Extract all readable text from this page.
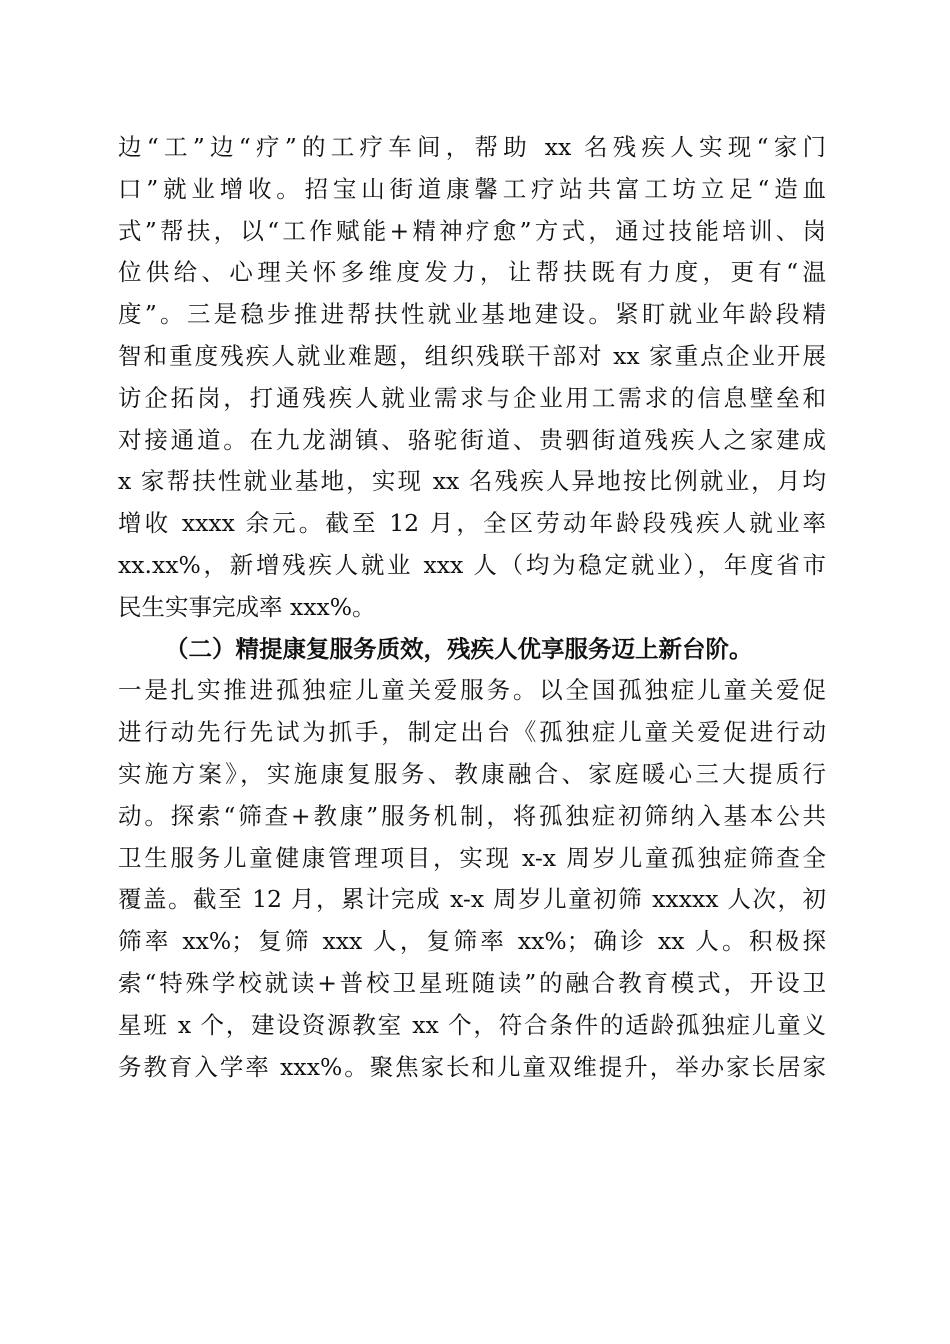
边“工”边“疗”的工疗车间，帮助 xx 名残疾人实现“家门
口”就业增收。招宝山街道康馨工疗站共富工坊立足“造血
式”帮扶，以“工作赋能+精神疗愈”方式，通过技能培训、岗
位供给、心理关怀多维度发力，让帮扶既有力度，更有“温
度”。三是稳步推进帮扶性就业基地建设。紧盯就业年龄段精
智和重度残疾人就业难题，组织残联干部对 xx 家重点企业开展
访企拓岗，打通残疾人就业需求与企业用工需求的信息壁垒和
对接通道。在九龙湖镇、骆驼街道、贵驷街道残疾人之家建成
x 家帮扶性就业基地，实现 xx 名残疾人异地按比例就业，月均
增收 xxxx 余元。截至 12 月，全区劳动年龄段残疾人就业率
xx.xx%，新增残疾人就业 xxx 人（均为稳定就业），年度省市
民生实事完成率 xxx%。
（二）精提康复服务质效，残疾人优享服务迈上新台阶。
一是扎实推进孤独症儿童关爱服务。以全国孤独症儿童关爱促
进行动先行先试为抓手，制定出台《孤独症儿童关爱促进行动
实施方案》，实施康复服务、教康融合、家庭暖心三大提质行
动。探索“筛查+教康”服务机制，将孤独症初筛纳入基本公共
卫生服务儿童健康管理项目，实现 x-x 周岁儿童孤独症筛查全
覆盖。截至 12 月，累计完成 x-x 周岁儿童初筛 xxxxx 人次，初
筛率 xx%；复筛 xxx 人，复筛率 xx%；确诊 xx 人。积极探
索“特殊学校就读+普校卫星班随读”的融合教育模式，开设卫
星班 x 个，建设资源教室 xx 个，符合条件的适龄孤独症儿童义
务教育入学率 xxx%。聚焦家长和儿童双维提升，举办家长居家
